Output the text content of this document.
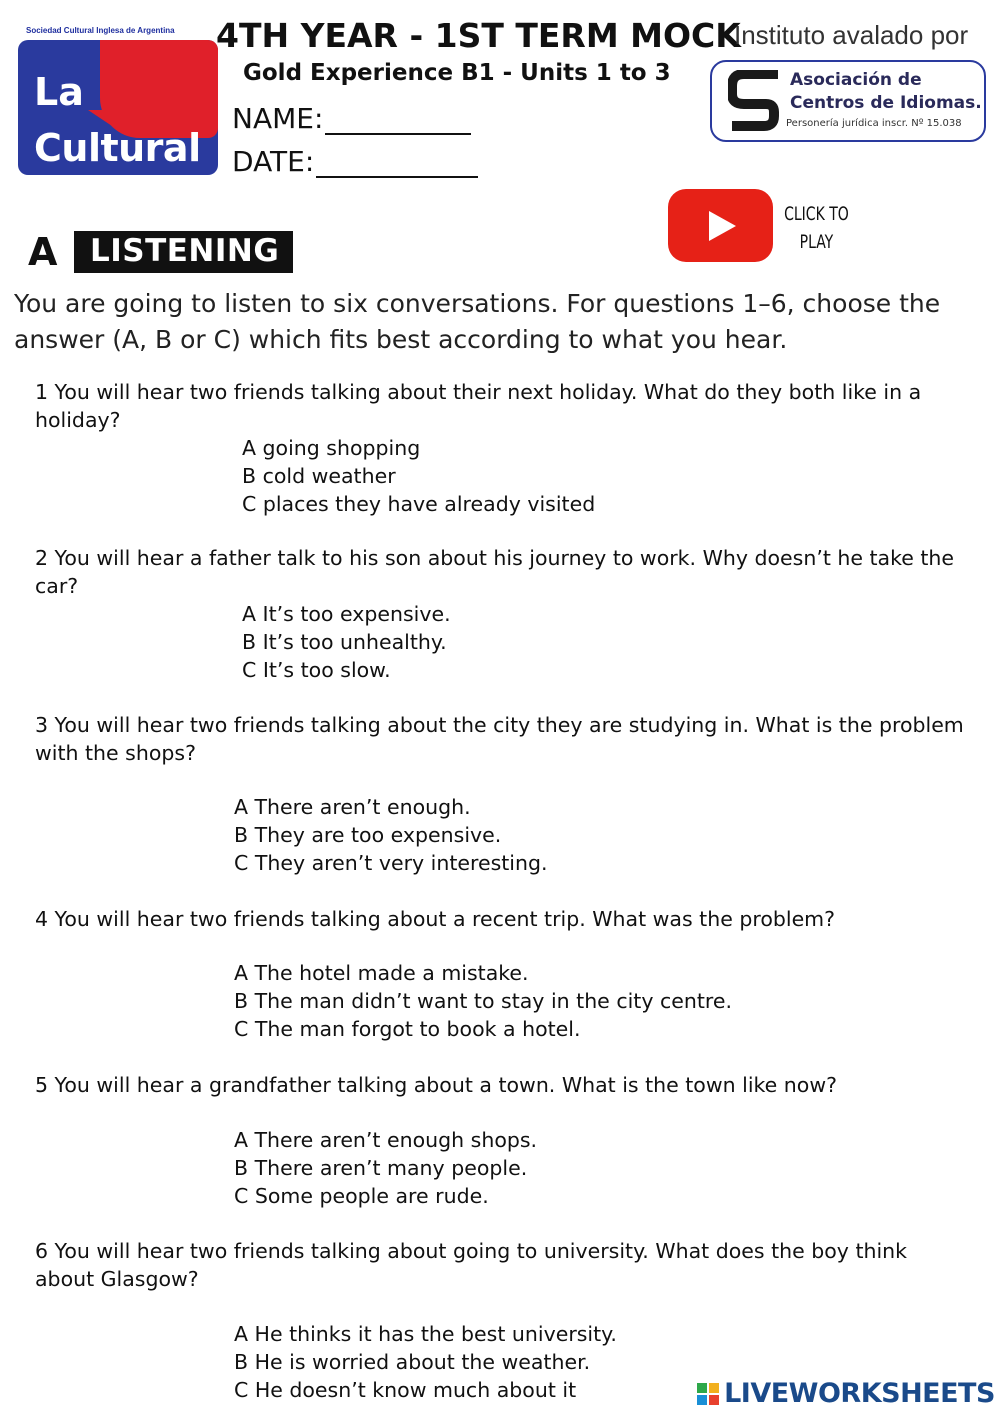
Sociedad Cultural Inglesa de Argentina
La
Cultural
4TH YEAR - 1ST TERM MOCK
Gold Experience B1 - Units 1 to 3
NAME:
DATE:
Instituto avalado por
Asociación de
Centros de Idiomas.
Personería jurídica inscr. Nº 15.038
CLICK TO PLAY
A LISTENING
You are going to listen to six conversations. For questions 1–6, choose the answer (A, B or C) which fits best according to what you hear.

1 You will hear two friends talking about their next holiday. What do they both like in a holiday?

A going shopping
B cold weather
C places they have already visited

2 You will hear a father talk to his son about his journey to work. Why doesn’t he take the car?

A It’s too expensive.
B It’s too unhealthy.
C It’s too slow.

3 You will hear two friends talking about the city they are studying in. What is the problem with the shops?

A There aren’t enough.
B They are too expensive.
C They aren’t very interesting.

4 You will hear two friends talking about a recent trip. What was the problem?

A The hotel made a mistake.
B The man didn’t want to stay in the city centre.
C The man forgot to book a hotel.

5 You will hear a grandfather talking about a town. What is the town like now?

A There aren’t enough shops.
B There aren’t many people.
C Some people are rude.

6 You will hear two friends talking about going to university. What does the boy think about Glasgow?

A He thinks it has the best university.
B He is worried about the weather.
C He doesn’t know much about it	LIVEWORKSHEETS
